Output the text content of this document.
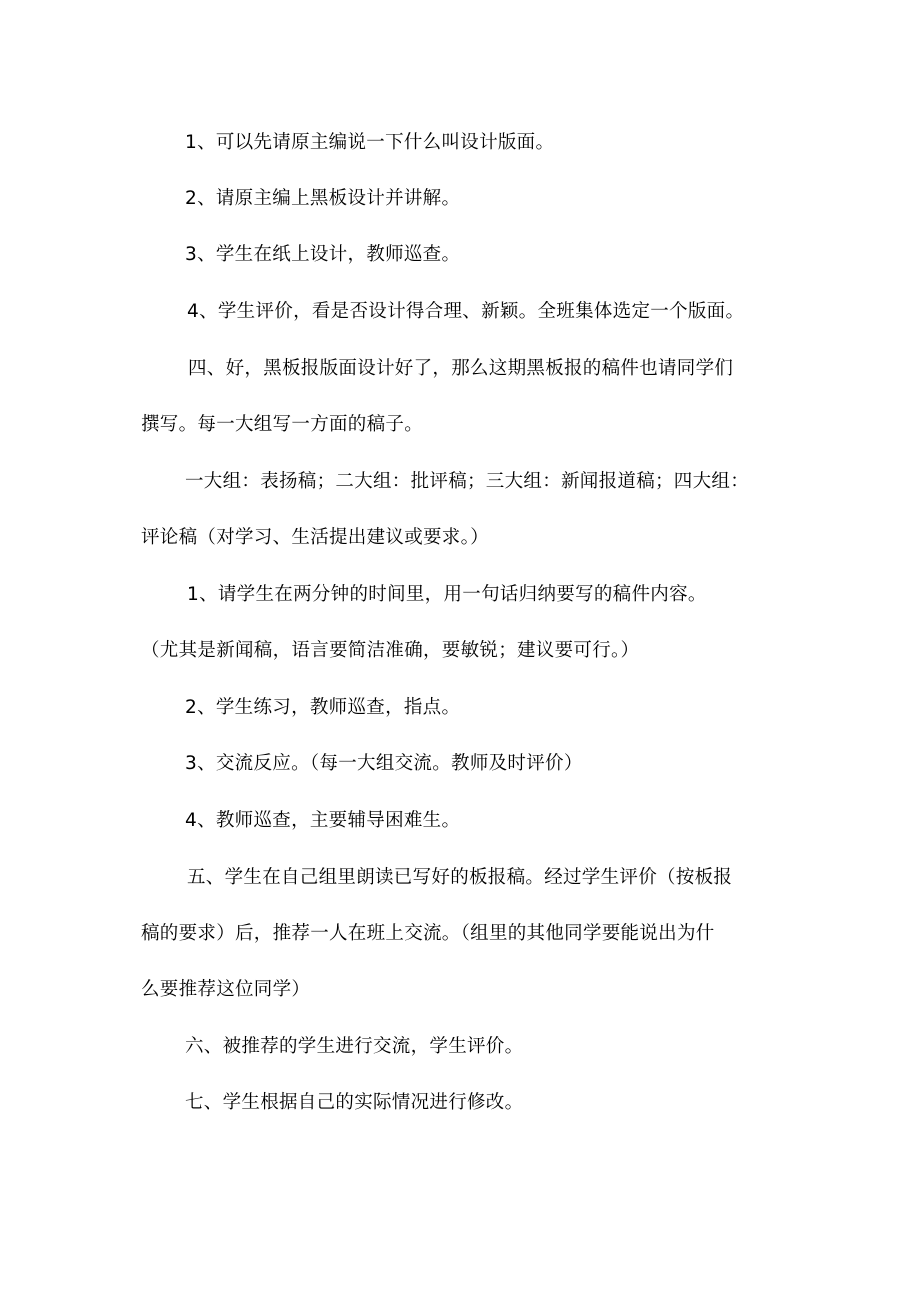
1、可以先请原主编说一下什么叫设计版面。
2、请原主编上黑板设计并讲解。
3、学生在纸上设计，教师巡查。
4、学生评价，看是否设计得合理、新颖。全班集体选定一个版面。
四、好，黑板报版面设计好了，那么这期黑板报的稿件也请同学们
撰写。每一大组写一方面的稿子。
一大组：表扬稿；二大组：批评稿；三大组：新闻报道稿；四大组：
评论稿（对学习、生活提出建议或要求。）
1、请学生在两分钟的时间里，用一句话归纳要写的稿件内容。
（尤其是新闻稿，语言要简洁准确，要敏锐；建议要可行。）
2、学生练习，教师巡查，指点。
3、交流反应。（每一大组交流。教师及时评价）
4、教师巡查，主要辅导困难生。
五、学生在自己组里朗读已写好的板报稿。经过学生评价（按板报
稿的要求）后，推荐一人在班上交流。（组里的其他同学要能说出为什
么要推荐这位同学）
六、被推荐的学生进行交流，学生评价。
七、学生根据自己的实际情况进行修改。
